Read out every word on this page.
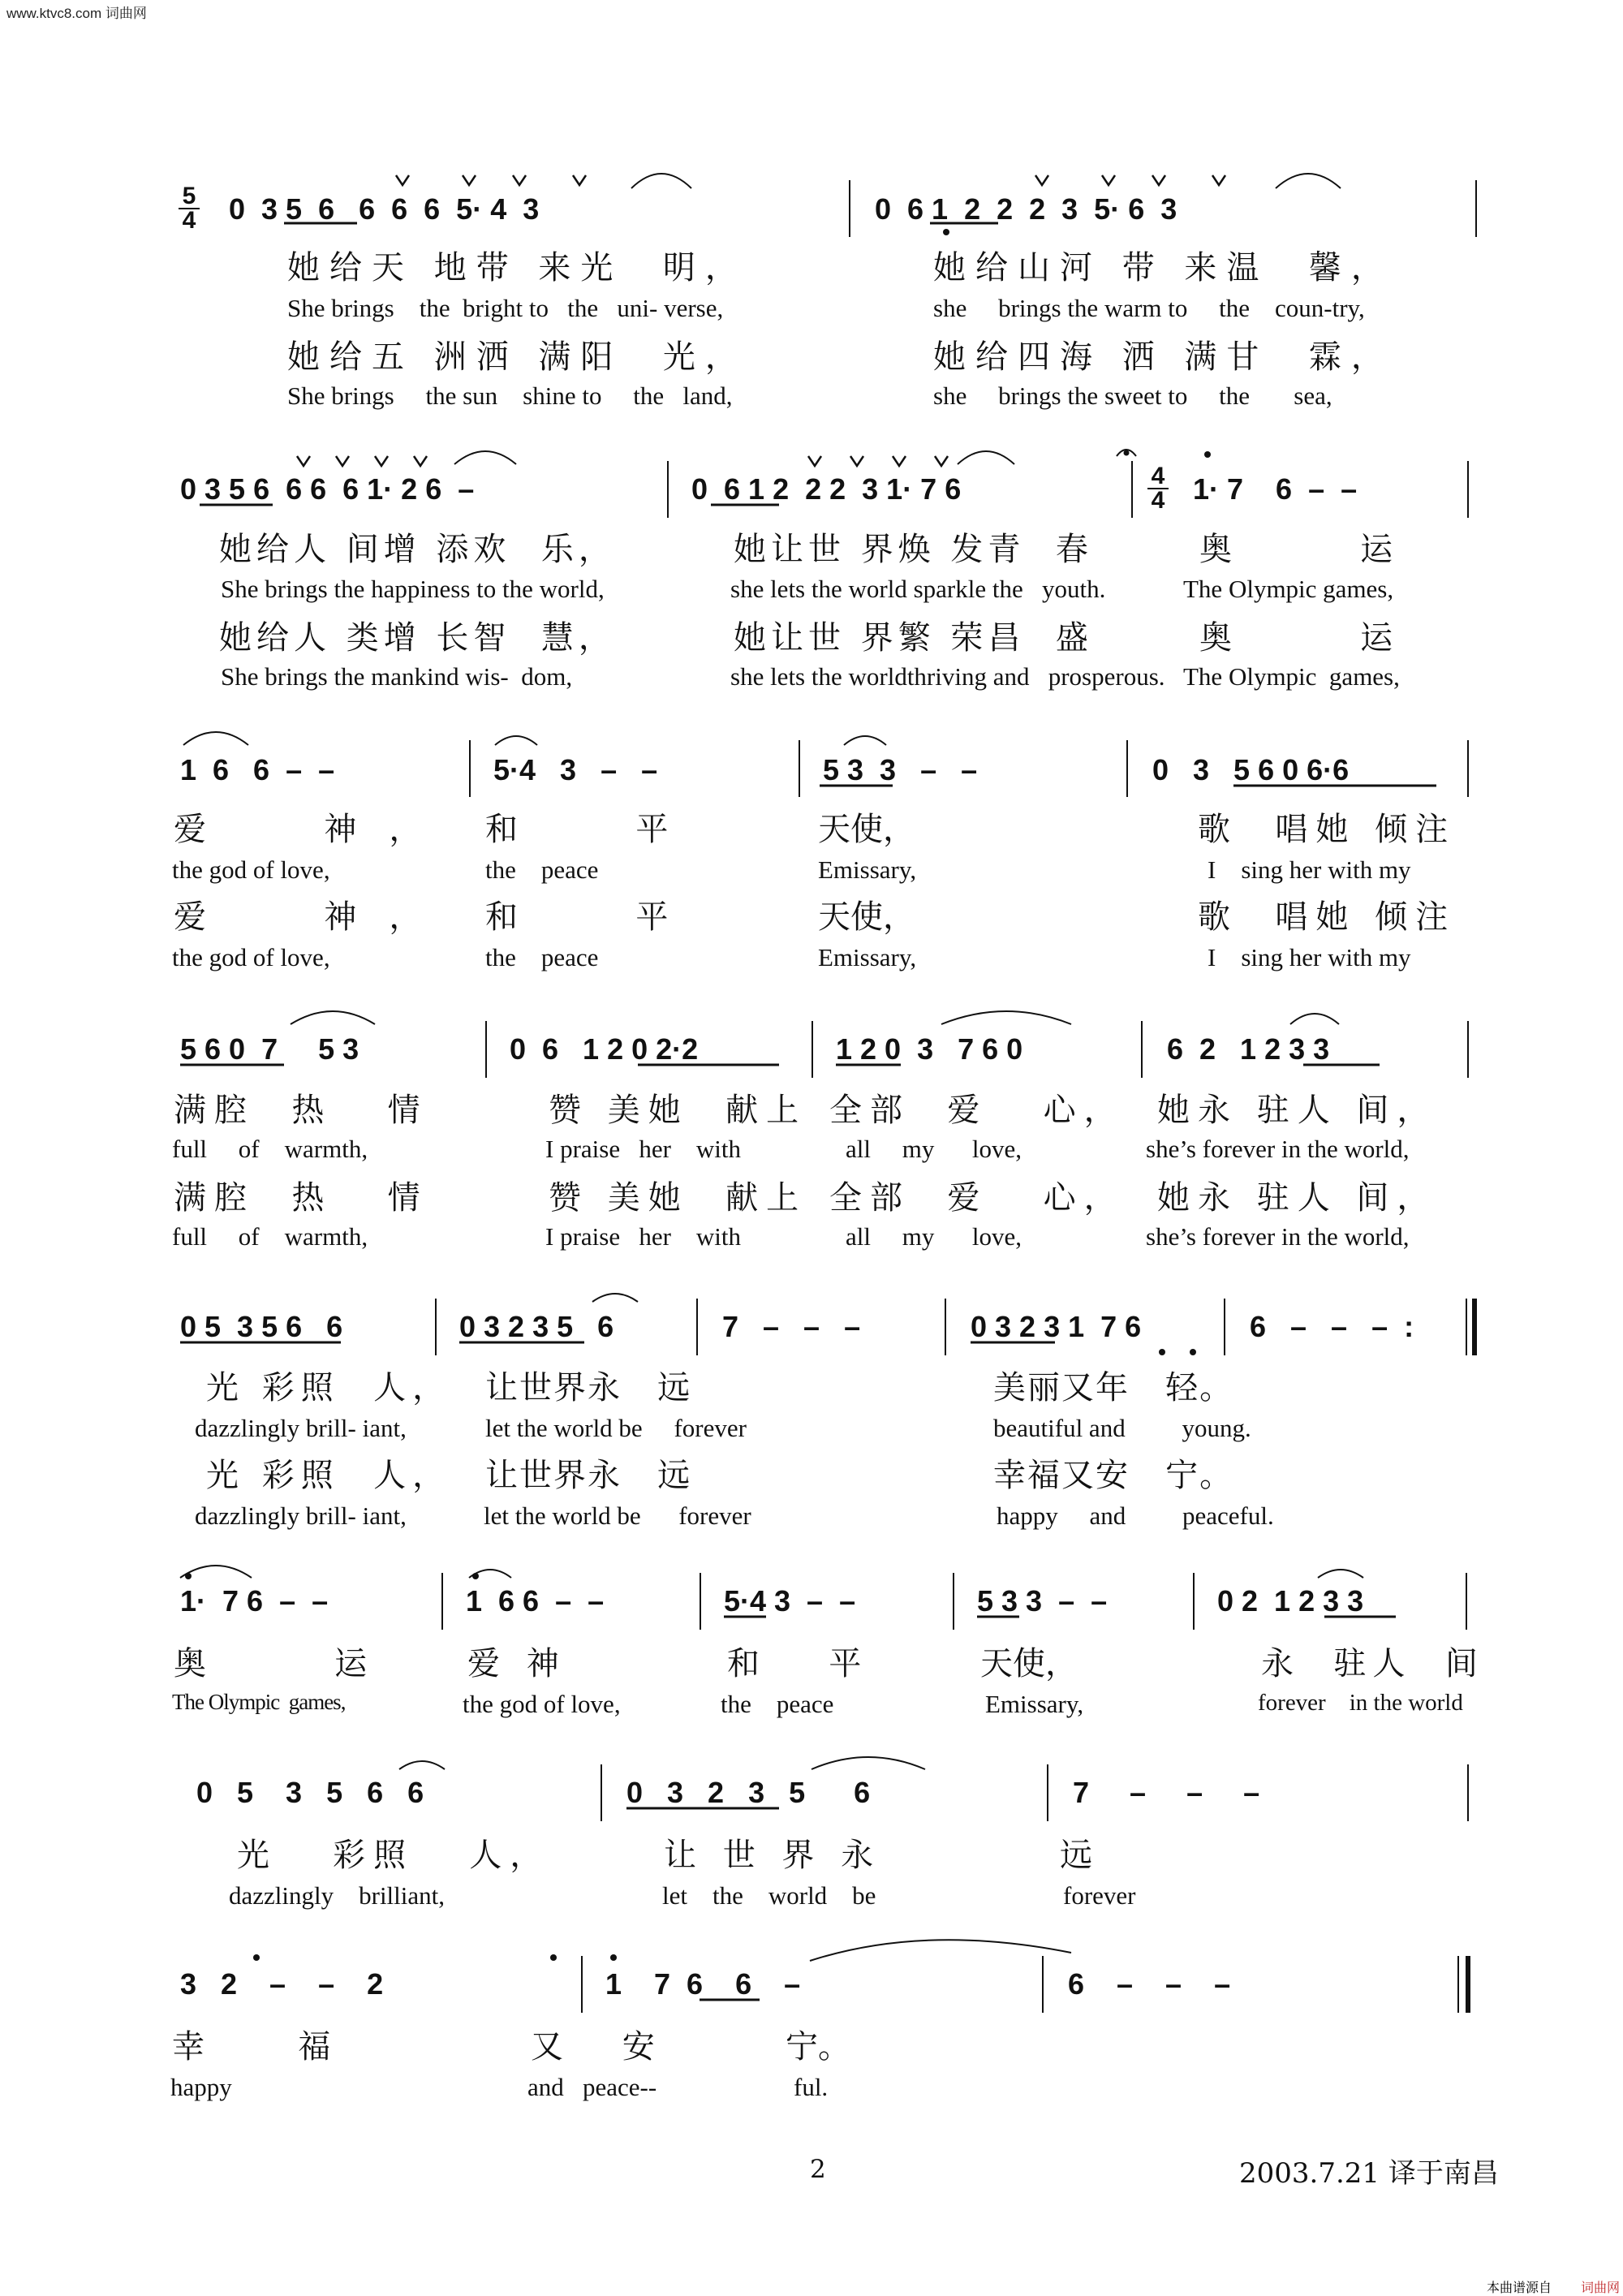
www.ktvc8.com 词曲网
5
4
4
4
0  3 5  6   6  6  6  5· 4  3	0  6 1  2  2  2  3  5· 6  3
她给天 地带 来光  明，	她给山河 带 来温  馨，
She brings    the  bright to   the   uni- verse,	she     brings the warm to     the    coun-try,
她给五 洲洒 满阳  光，	她给四海 洒 满甘  霖，
She brings     the sun    shine to     the   land,	she     brings the sweet to     the       sea,
0 3 5 6  6 6  6 1· 2 6  –	0  6 1 2  2 2  3 1· 7 6	1· 7    6  –  –
她给人 间增 添欢  乐，	她让世 界焕 发青  春	奥   运
She brings the happiness to the world,	she lets the world sparkle the   youth.	The Olympic games,
她给人 类增 长智  慧，	她让世 界繁 荣昌  盛	奥   运
She brings the mankind wis-  dom,	she lets the worldthriving and   prosperous. The Olympic  games,
1  6   6  –  –	5·4   3   –   –	5 3  3   –   –	0   3   5 6 0 6·6
爱  神， 和  平	天使，	歌  唱她 倾注
the god of love,	the    peace	Emissary,	I    sing her with my
爱  神， 和  平	天使，	歌  唱她 倾注
the god of love,	the    peace	Emissary,	I    sing her with my
5 6 0  7     5 3	0  6   1 2 0 2·2	1 2 0  3   7 6 0	6  2   1 2 3 3
满腔  热   情	赞 美她  献上 全部  爱   心， 她永 驻人 间，
full     of    warmth,	I praise   her    with	all     my      love,	she’s forever in the world,
满腔  热   情	赞 美她  献上 全部  爱   心， 她永 驻人 间，
full     of    warmth,	I praise   her    with	all     my      love,	she’s forever in the world,
0 5  3 5 6   6	0 3 2 3 5   6	7   –   –   –	0 3 2 3 1  7 6	6   –   –   –  :
光 彩照  人， 让世界永   远	美丽又年   轻。
dazzlingly brill- iant,	let the world be     forever	beautiful and         young.
光 彩照  人， 让世界永   远	幸福又安   宁。
dazzlingly brill- iant,	let the world be      forever	happy     and         peaceful.
1·  7 6  –  –	1  6 6  –  –	5·4 3  –  –	5 3 3  –  –	0 2  1 2 3 3
奥   运 爱 神	和  平	天使，	永  驻人  间
The Olympic  games,	the god of love,	the    peace	Emissary,	forever    in the world
0   5    3   5   6   6	0   3   2   3   5      6	7     –     –     –
光   彩照   人，	让 世 界 永	远
dazzlingly    brilliant,	let    the    world    be	forever
3   2    –    –    2	1    7  6    6    –	6    –    –    –
幸  福	又 安	宁。
happy	and   peace--	ful.
2	2003.7.21 译于南昌
本曲谱源自 词曲网
